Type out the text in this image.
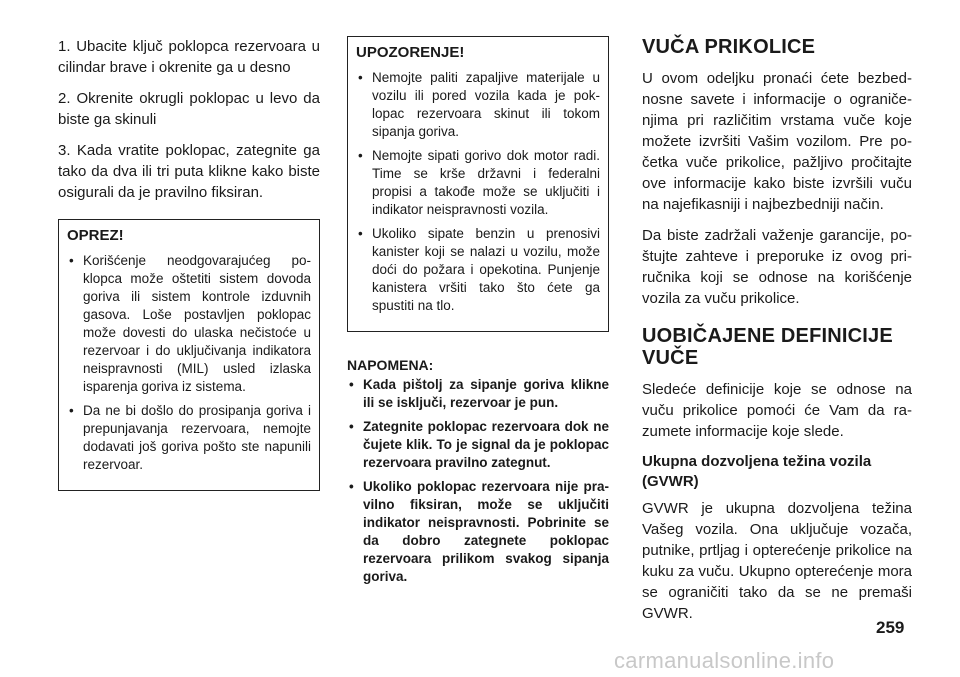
1. Ubacite ključ poklopca rezervoara u cilindar brave i okrenite ga u desno

2. Okrenite okrugli poklopac u levo da biste ga skinuli

3. Kada vratite poklopac, zategnite ga tako da dva ili tri puta klikne kako biste osigurali da je pravilno fiksiran.

OPREZ!
• Korišćenje neodgovarajućeg poklopca može oštetiti sistem dovoda goriva ili sistem kontrole izduvnih gasova. Loše postavljen poklopac može dovesti do ulaska nečistoće u rezervoar i do uključivanja indikatora neispravnosti (MIL) usled izlaska isparenja goriva iz sistema.
• Da ne bi došlo do prosipanja goriva i prepunjavanja rezervoara, nemojte dodavati još goriva pošto ste napunili rezervoar.
UPOZORENJE!
• Nemojte paliti zapaljive materijale u vozilu ili pored vozila kada je poklopac rezervoara skinut ili tokom sipanja goriva.
• Nemojte sipati gorivo dok motor radi. Time se krše državni i federalni propisi a takođe može se uključiti i indikator neispravnosti vozila.
• Ukoliko sipate benzin u prenosivi kanister koji se nalazi u vozilu, može doći do požara i opekotina. Punjenje kanistera vršiti tako što ćete ga spustiti na tlo.
NAPOMENA:
• Kada pištolj za sipanje goriva klikne ili se isključi, rezervoar je pun.
• Zategnite poklopac rezervoara dok ne čujete klik. To je signal da je poklopac rezervoara pravilno zategnut.
• Ukoliko poklopac rezervoara nije pravilno fiksiran, može se uključiti indikator neispravnosti. Pobrinite se da dobro zategnete poklopac rezervoara prilikom svakog sipanja goriva.
VUČA PRIKOLICE

U ovom odeljku pronaći ćete bezbednosne savete i informacije o ograničenjima pri različitim vrstama vuče koje možete izvršiti Vašim vozilom. Pre početka vuče prikolice, pažljivo pročitajte ove informacije kako biste izvršili vuču na najefikasniji i najbezbedniji način.

Da biste zadržali važenje garancije, poštujte zahteve i preporuke iz ovog priručnika koji se odnose na korišćenje vozila za vuču prikolice.

UOBIČAJENE DEFINICIJE VUČE

Sledeće definicije koje se odnose na vuču prikolice pomoći će Vam da razumete informacije koje slede.

Ukupna dozvoljena težina vozila (GVWR)

GVWR je ukupna dozvoljena težina Vašeg vozila. Ona uključuje vozača, putnike, prtljag i opterećenje prikolice na kuku za vuču. Ukupno opterećenje mora se ograničiti tako da se ne premaši GVWR.

259
carmanualsonline.info
